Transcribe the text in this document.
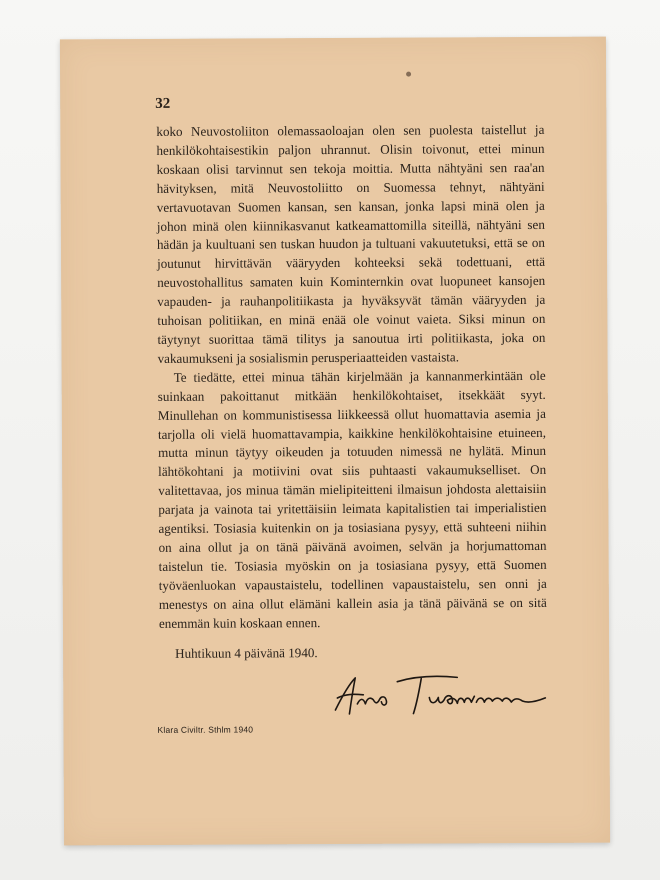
32

koko Neuvostoliiton olemassaoloajan olen sen puolesta taistellut ja henkilökohtaisestikin paljon uhrannut. Olisin toivonut, ettei minun koskaan olisi tarvinnut sen tekoja moittia. Mutta nähtyäni sen raa'an hävityksen, mitä Neuvostoliitto on Suomessa tehnyt, nähtyäni vertavuotavan Suomen kansan, sen kansan, jonka lapsi minä olen ja johon minä olen kiinnikasvanut katkeamattomilla siteillä, nähtyäni sen hädän ja kuultuani sen tuskan huudon ja tultuani vakuutetuksi, että se on joutunut hirvittävän vääryyden kohteeksi sekä todettuani, että neuvostohallitus samaten kuin Kominternkin ovat luopuneet kansojen vapauden- ja rauhanpolitiikasta ja hyväksyvät tämän vääryyden ja tuhoisan politiikan, en minä enää ole voinut vaieta. Siksi minun on täytynyt suorittaa tämä tilitys ja sanoutua irti politiikasta, joka on vakaumukseni ja sosialismin perusperiaatteiden vastaista.

Te tiedätte, ettei minua tähän kirjelmään ja kannanmerkintään ole suinkaan pakoittanut mitkään henkilökohtaiset, itsekkäät syyt. Minullehan on kommunistisessa liikkeessä ollut huomattavia asemia ja tarjolla oli vielä huomattavampia, kaikkine henkilökohtaisine etuineen, mutta minun täytyy oikeuden ja totuuden nimessä ne hylätä. Minun lähtökohtani ja motiivini ovat siis puhtaasti vakaumukselliset. On valitettavaa, jos minua tämän mielipiteitteni ilmaisun johdosta alettaisiin parjata ja vainota tai yritettäisiin leimata kapitalistien tai imperialistien agentiksi. Tosiasia kuitenkin on ja tosiasiana pysyy, että suhteeni niihin on aina ollut ja on tänä päivänä avoimen, selvän ja horjumattoman taistelun tie. Tosiasia myöskin on ja tosiasiana pysyy, että Suomen työväenluokan vapaustaistelu, todellinen vapaustaistelu, sen onni ja menestys on aina ollut elämäni kallein asia ja tänä päivänä se on sitä enemmän kuin koskaan ennen.

Huhtikuun 4 päivänä 1940.
Klara Civiltr. Sthlm 1940
